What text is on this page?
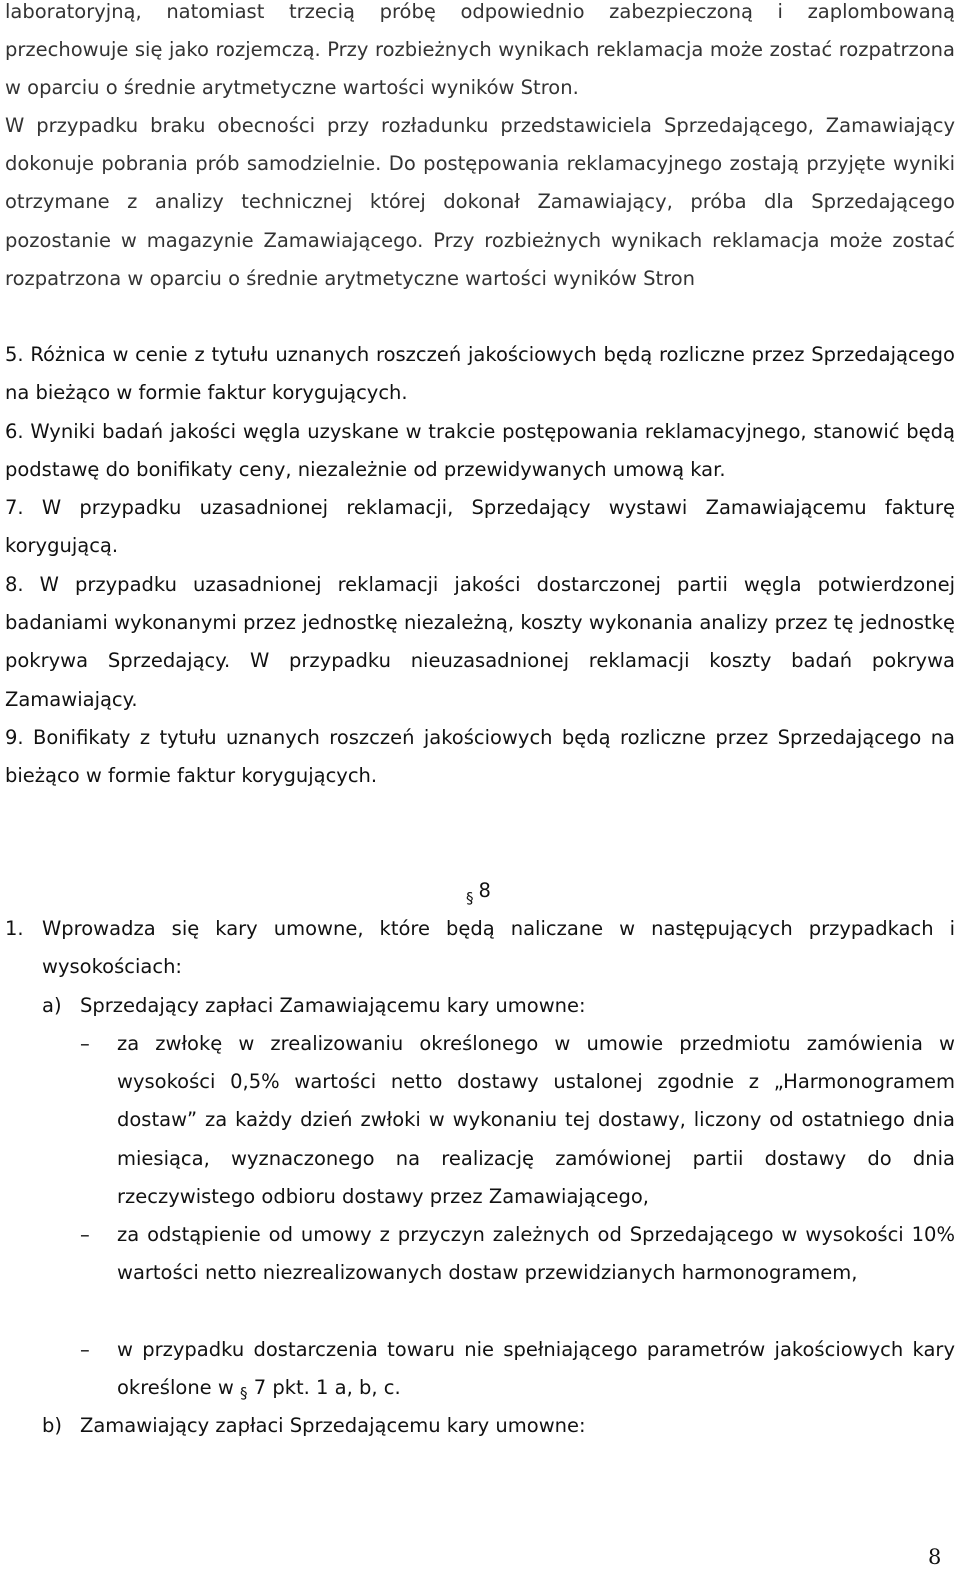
laboratoryjną, natomiast trzecią próbę odpowiednio zabezpieczoną i zaplombowaną przechowuje się jako rozjemczą. Przy rozbieżnych wynikach reklamacja może zostać rozpatrzona w oparciu o średnie arytmetyczne wartości wyników Stron.

W przypadku braku obecności przy rozładunku przedstawiciela Sprzedającego, Zamawiający dokonuje pobrania prób samodzielnie. Do postępowania reklamacyjnego zostają przyjęte wyniki otrzymane z analizy technicznej której dokonał Zamawiający, próba dla Sprzedającego pozostanie w magazynie Zamawiającego. Przy rozbieżnych wynikach reklamacja może zostać rozpatrzona w oparciu o średnie arytmetyczne wartości wyników Stron

5. Różnica w cenie z tytułu uznanych roszczeń jakościowych będą rozliczne przez Sprzedającego na bieżąco w formie faktur korygujących.

6. Wyniki badań jakości węgla uzyskane w trakcie postępowania reklamacyjnego, stanowić będą podstawę do bonifikaty ceny, niezależnie od przewidywanych umową kar.

7. W przypadku uzasadnionej reklamacji, Sprzedający wystawi Zamawiającemu fakturę korygującą.

8. W przypadku uzasadnionej reklamacji jakości dostarczonej partii węgla potwierdzonej badaniami wykonanymi przez jednostkę niezależną, koszty wykonania analizy przez tę jednostkę pokrywa Sprzedający. W przypadku nieuzasadnionej reklamacji koszty badań pokrywa Zamawiający.

9. Bonifikaty z tytułu uznanych roszczeń jakościowych będą rozliczne przez Sprzedającego na bieżąco w formie faktur korygujących.

$_\S$ 8
1. Wprowadza się kary umowne, które będą naliczane w następujących przypadkach i wysokościach:
a) Sprzedający zapłaci Zamawiającemu kary umowne:
–	za zwłokę w zrealizowaniu określonego w umowie przedmiotu zamówienia w wysokości 0,5% wartości netto dostawy ustalonej zgodnie z „Harmonogramem dostaw” za każdy dzień zwłoki w wykonaniu tej dostawy, liczony od ostatniego dnia miesiąca, wyznaczonego na realizację zamówionej partii dostawy do dnia rzeczywistego odbioru dostawy przez Zamawiającego,
–	za odstąpienie od umowy z przyczyn zależnych od Sprzedającego w wysokości 10% wartości netto niezrealizowanych dostaw przewidzianych harmonogramem,
–	w przypadku dostarczenia towaru nie spełniającego parametrów jakościowych kary określone w $_\S$ 7 pkt. 1 a, b, c.
b) Zamawiający zapłaci Sprzedającemu kary umowne:
8
